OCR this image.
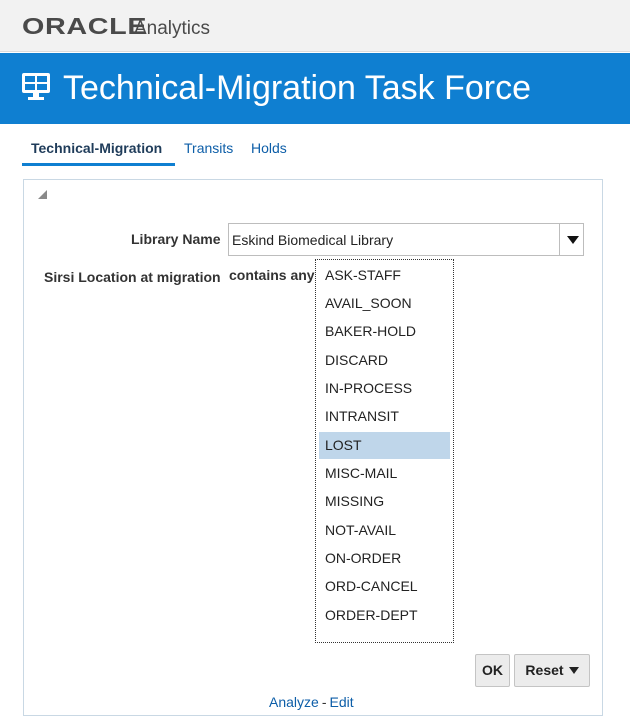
ORACLE
Analytics
Technical-Migration Task Force
Technical-Migration	Transits Holds
Library Name Eskind Biomedical Library
Sirsi Location at migration contains any ASK-STAFF
AVAIL_SOON
BAKER-HOLD
DISCARD
IN-PROCESS
INTRANSIT
LOST
MISC-MAIL
MISSING
NOT-AVAIL
ON-ORDER
ORD-CANCEL
ORDER-DEPT
OK	Reset
Analyze - Edit
